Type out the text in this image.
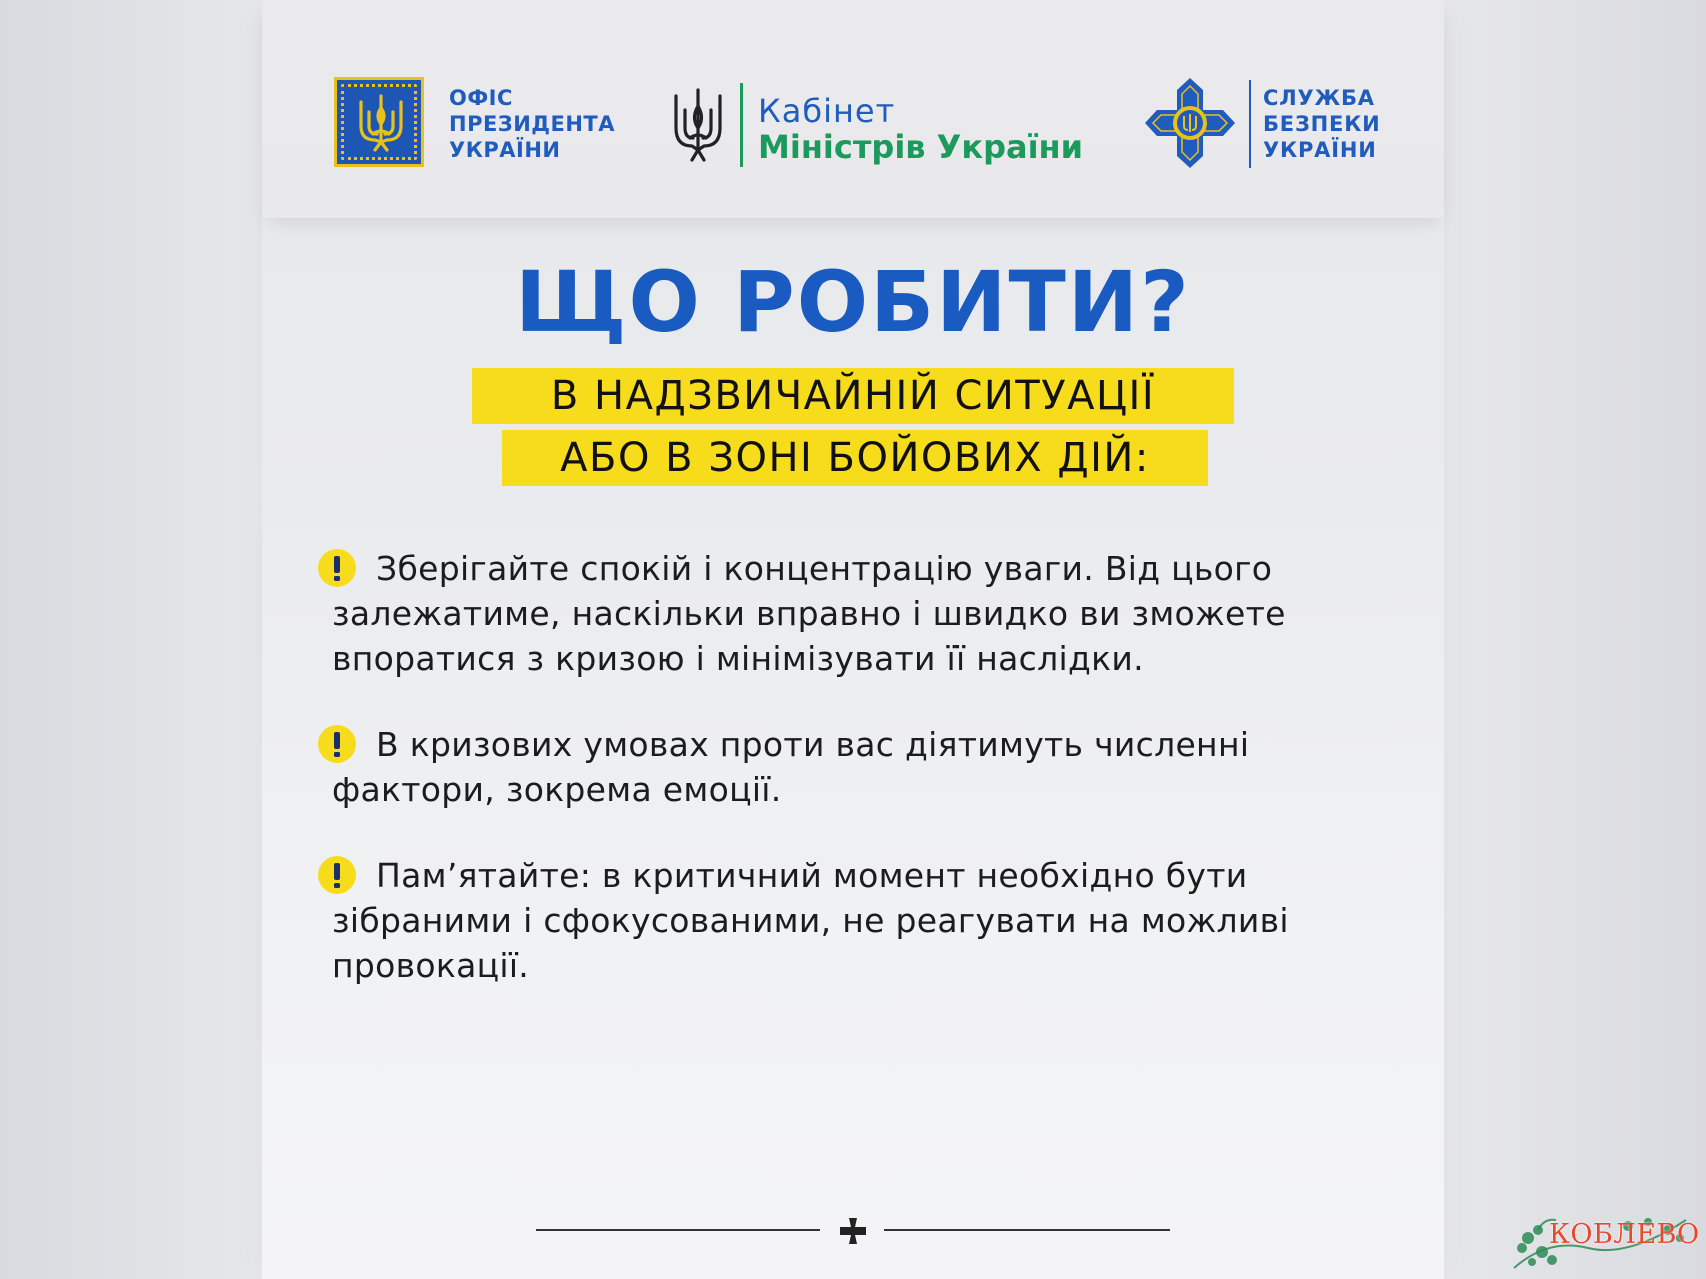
ОФІС
ПРЕЗИДЕНТА
УКРАЇНИ
Кабінет
Міністрів України
СЛУЖБА
БЕЗПЕКИ
УКРАЇНИ
ЩО РОБИТИ?
В НАДЗВИЧАЙНІЙ СИТУАЦІЇ
АБО В ЗОНІ БОЙОВИХ ДІЙ:
Зберігайте спокій і концентрацію уваги. Від цього
залежатиме, наскільки вправно і швидко ви зможете
впоратися з кризою і мінімізувати її наслідки.
В кризових умовах проти вас діятимуть численні
фактори, зокрема емоції.
Пам’ятайте: в критичний момент необхідно бути
зібраними і сфокусованими, не реагувати на можливі
провокації.
КОБЛЕВО
